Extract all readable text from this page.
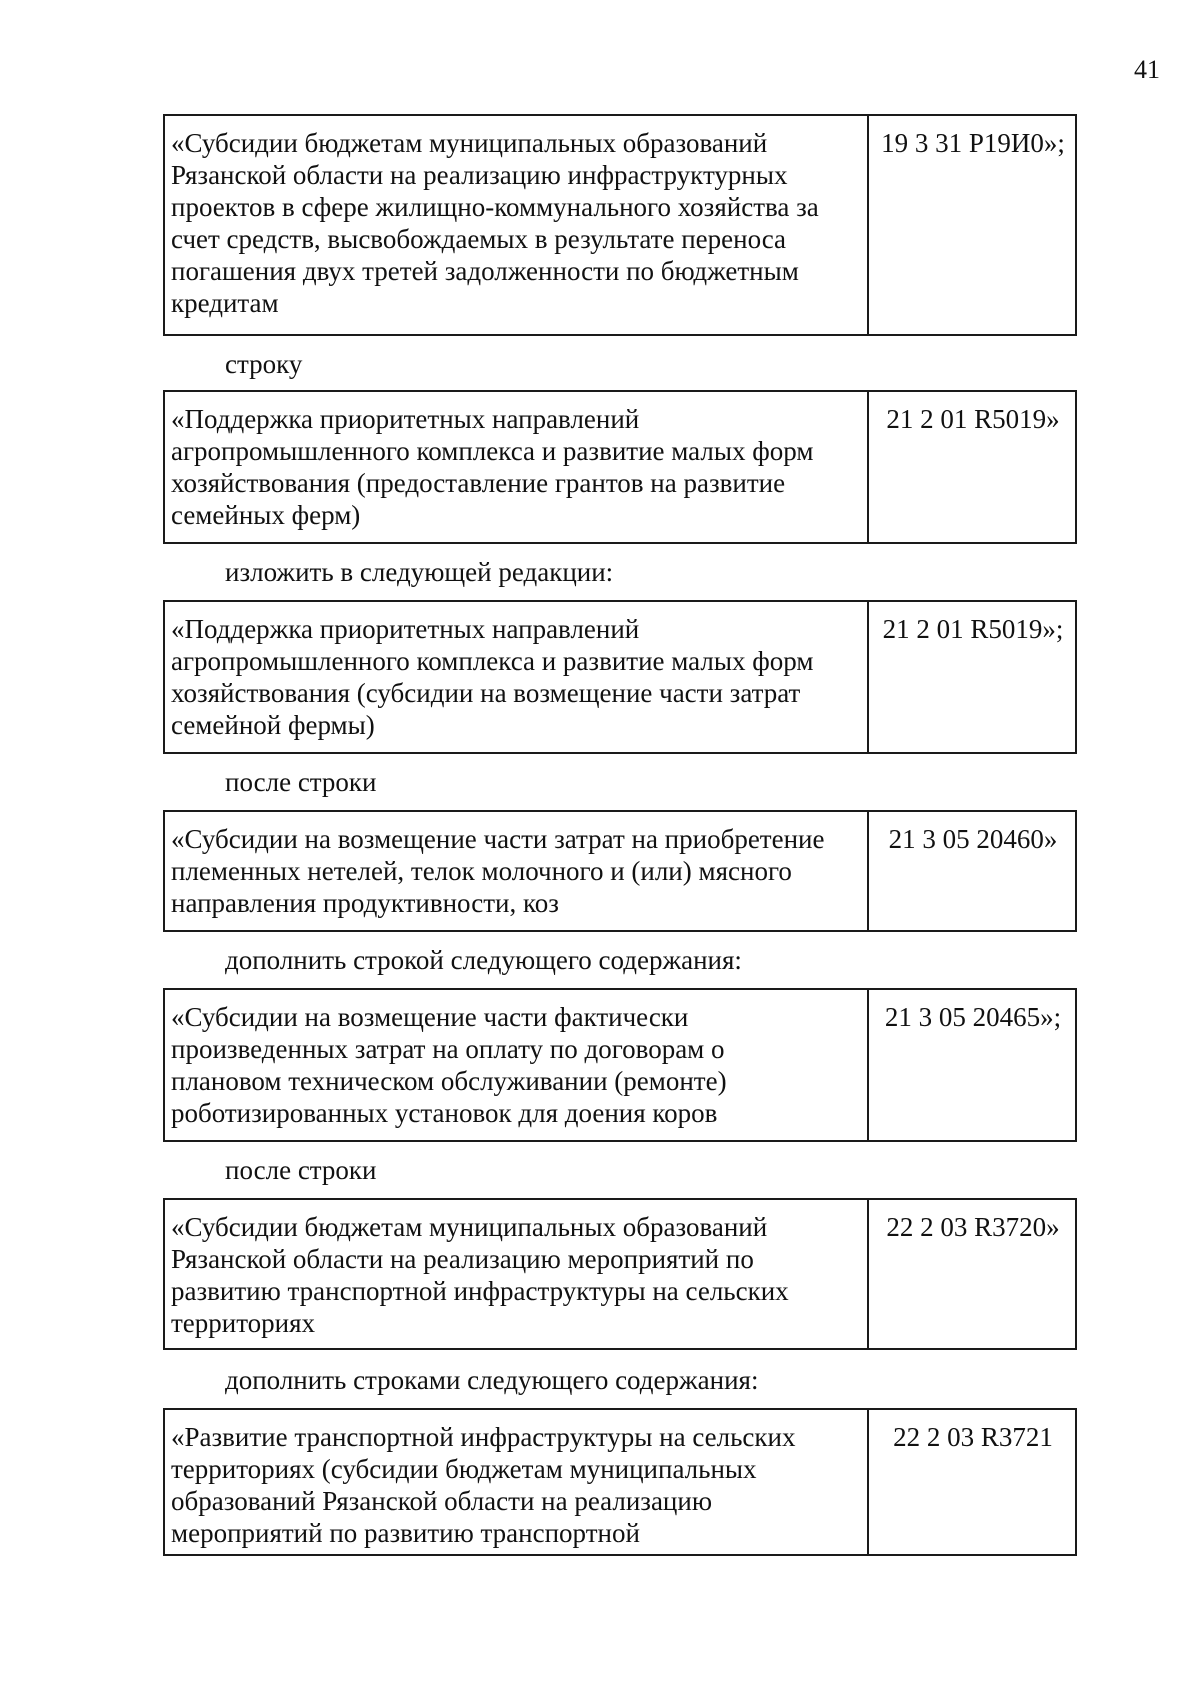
41
«Субсидии бюджетам муниципальных образований
Рязанской области на реализацию инфраструктурных
проектов в сфере жилищно-коммунального хозяйства за
счет средств, высвобождаемых в результате переноса
погашения двух третей задолженности по бюджетным
кредитам
19 3 31 Р19И0»;
строку
«Поддержка приоритетных направлений
агропромышленного комплекса и развитие малых форм
хозяйствования (предоставление грантов на развитие
семейных ферм)
21 2 01 R5019»
изложить в следующей редакции:
«Поддержка приоритетных направлений
агропромышленного комплекса и развитие малых форм
хозяйствования (субсидии на возмещение части затрат
семейной фермы)
21 2 01 R5019»;
после строки
«Субсидии на возмещение части затрат на приобретение
племенных нетелей, телок молочного и (или) мясного
направления продуктивности, коз
21 3 05 20460»
дополнить строкой следующего содержания:
«Субсидии на возмещение части фактически
произведенных затрат на оплату по договорам о
плановом техническом обслуживании (ремонте)
роботизированных установок для доения коров
21 3 05 20465»;
после строки
«Субсидии бюджетам муниципальных образований
Рязанской области на реализацию мероприятий по
развитию транспортной инфраструктуры на сельских
территориях
22 2 03 R3720»
дополнить строками следующего содержания:
«Развитие транспортной инфраструктуры на сельских
территориях (субсидии бюджетам муниципальных
образований Рязанской области на реализацию
мероприятий по развитию транспортной
22 2 03 R3721
